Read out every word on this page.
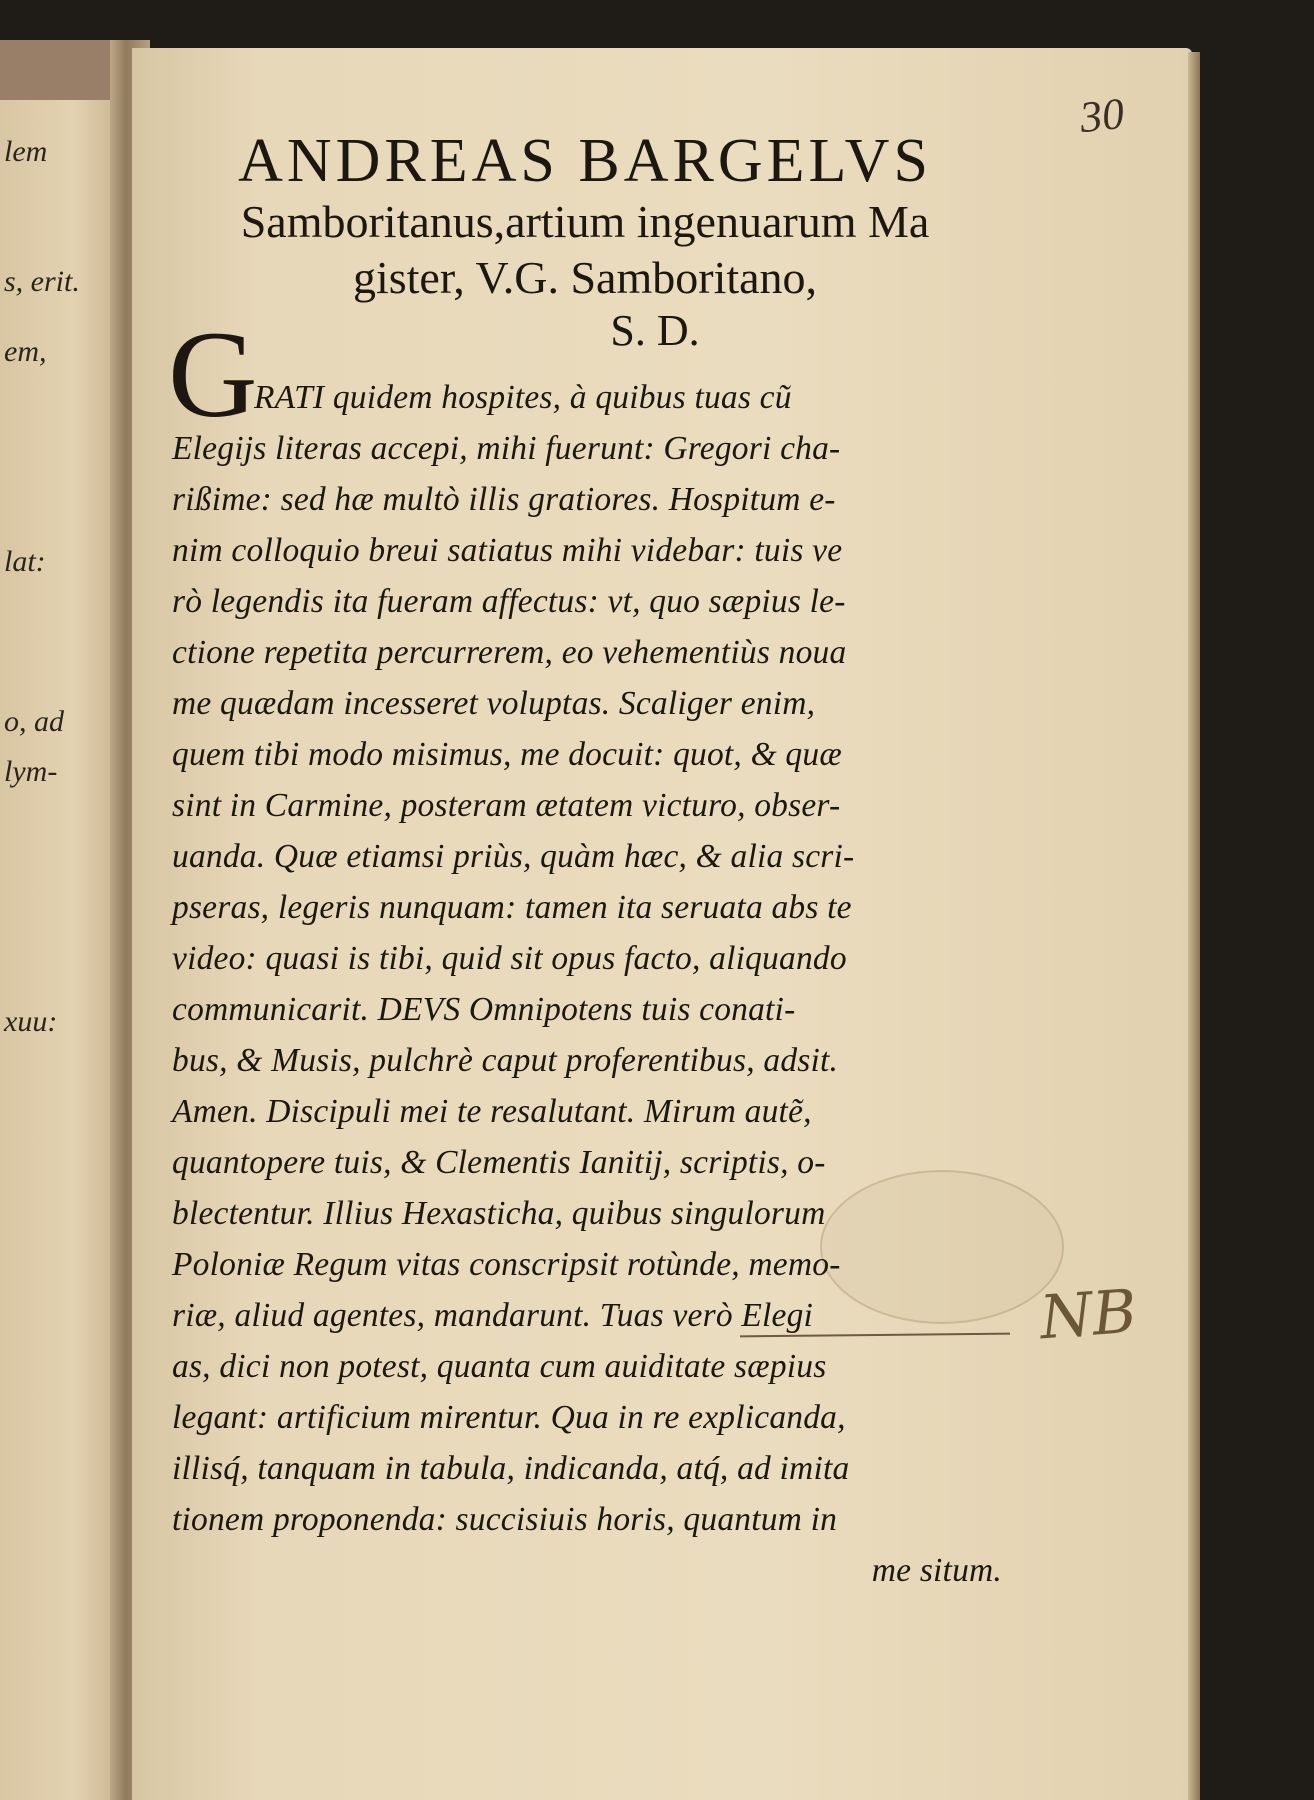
lem
s, erit.
em,
lat:
o, ad
lym-
xuu:
30
ANDREAS BARGELVS
Samboritanus,artium ingenuarum Ma
gister, V.G. Samboritano,
S. D.
G
RATI quidem hospites, à quibus tuas cũ
Elegijs literas accepi, mihi fuerunt: Gregori cha-
rißime: sed hæ multò illis gratiores. Hospitum e-
nim colloquio breui satiatus mihi videbar: tuis ve
rò legendis ita fueram affectus: vt, quo sæpius le-
ctione repetita percurrerem, eo vehementiùs noua
me quædam incesseret voluptas. Scaliger enim,
quem tibi modo misimus, me docuit: quot, & quæ
sint in Carmine, posteram ætatem victuro, obser-
uanda. Quæ etiamsi priùs, quàm hæc, & alia scri-
pseras, legeris nunquam: tamen ita seruata abs te
video: quasi is tibi, quid sit opus facto, aliquando
communicarit. DEVS Omnipotens tuis conati-
bus, & Musis, pulchrè caput proferentibus, adsit.
Amen. Discipuli mei te resalutant. Mirum autẽ,
quantopere tuis, & Clementis Ianitij, scriptis, o-
blectentur. Illius Hexasticha, quibus singulorum
Poloniæ Regum vitas conscripsit rotùnde, memo-
riæ, aliud agentes, mandarunt. Tuas verò Elegi
as, dici non potest, quanta cum auiditate sæpius
legant: artificium mirentur. Qua in re explicanda,
illisq́, tanquam in tabula, indicanda, atq́, ad imita
tionem proponenda: succisiuis horis, quantum in
me situm.
NB
